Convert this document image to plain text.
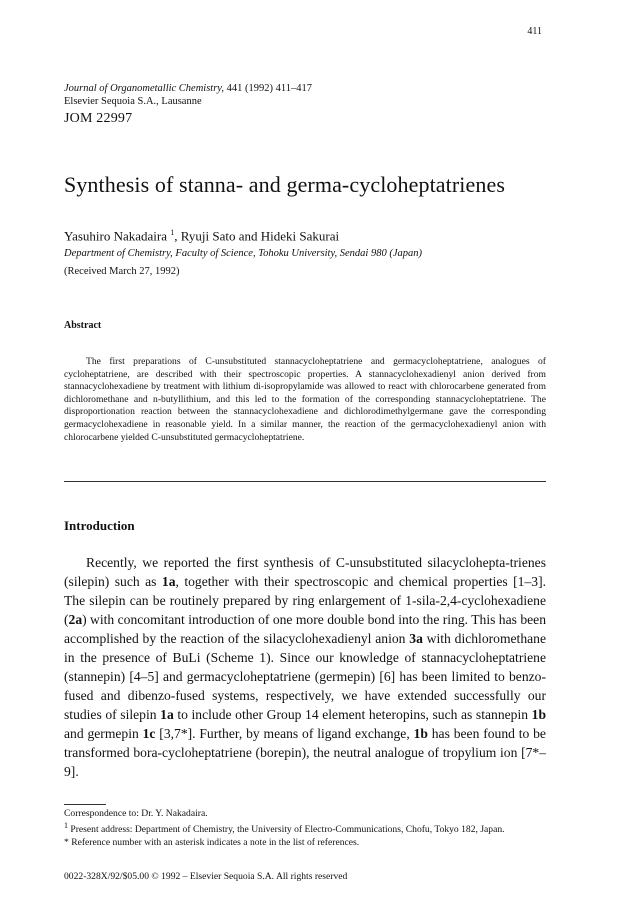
411
Journal of Organometallic Chemistry, 441 (1992) 411–417
Elsevier Sequoia S.A., Lausanne
JOM 22997
Synthesis of stanna- and germa-cycloheptatrienes
Yasuhiro Nakadaira $^1$, Ryuji Sato and Hideki Sakurai
Department of Chemistry, Faculty of Science, Tohoku University, Sendai 980 (Japan)
(Received March 27, 1992)
Abstract
The first preparations of C-unsubstituted stannacycloheptatriene and germacycloheptatriene, analogues of cycloheptatriene, are described with their spectroscopic properties. A stannacyclohexadienyl anion derived from stannacyclohexadiene by treatment with lithium di-isopropylamide was allowed to react with chlorocarbene generated from dichloromethane and n-butyllithium, and this led to the formation of the corresponding stannacycloheptatriene. The disproportionation reaction between the stannacyclohexadiene and dichlorodimethylgermane gave the corresponding germacyclohexadiene in reasonable yield. In a similar manner, the reaction of the germacyclohexadienyl anion with chlorocarbene yielded C-unsubstituted germacycloheptatriene.
Introduction
Recently, we reported the first synthesis of C-unsubstituted silacyclohepta-trienes (silepin) such as 1a, together with their spectroscopic and chemical properties [1–3]. The silepin can be routinely prepared by ring enlargement of 1-sila-2,4-cyclohexadiene (2a) with concomitant introduction of one more double bond into the ring. This has been accomplished by the reaction of the silacyclohexadienyl anion 3a with dichloromethane in the presence of BuLi (Scheme 1). Since our knowledge of stannacycloheptatriene (stannepin) [4–5] and germacycloheptatriene (germepin) [6] has been limited to benzo-fused and dibenzo-fused systems, respectively, we have extended successfully our studies of silepin 1a to include other Group 14 element heteropins, such as stannepin 1b and germepin 1c [3,7*]. Further, by means of ligand exchange, 1b has been found to be transformed bora-cycloheptatriene (borepin), the neutral analogue of tropylium ion [7*–9].
Correspondence to: Dr. Y. Nakadaira.
$^1$ Present address: Department of Chemistry, the University of Electro-Communications, Chofu, Tokyo 182, Japan.
* Reference number with an asterisk indicates a note in the list of references.
0022-328X/92/$05.00 © 1992 – Elsevier Sequoia S.A. All rights reserved
